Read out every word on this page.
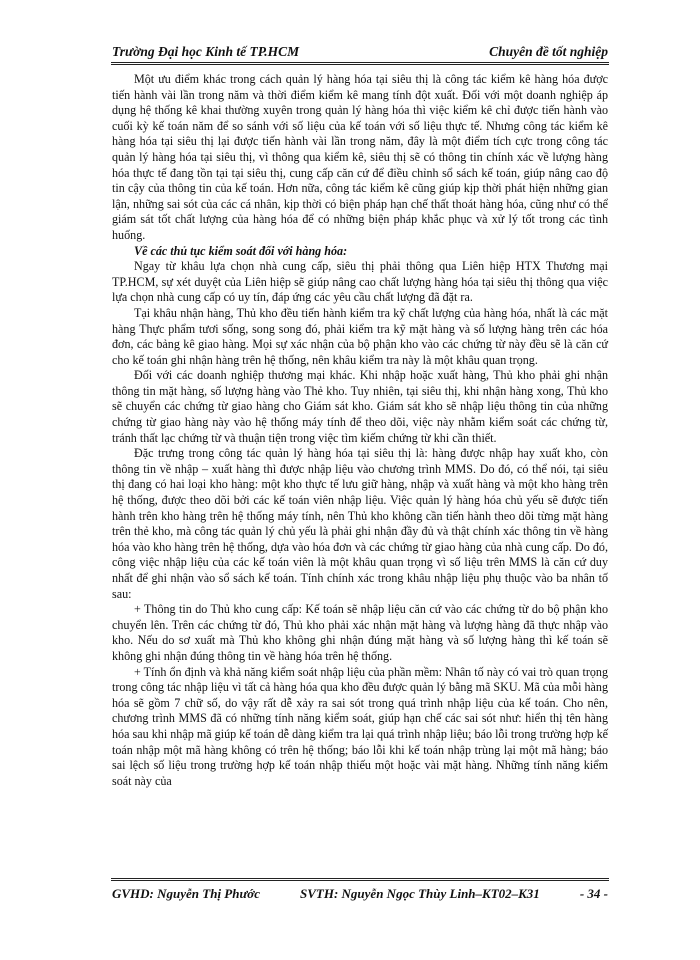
Trường Đại học Kinh tế TP.HCM	Chuyên đề tốt nghiệp

Một ưu điểm khác trong cách quản lý hàng hóa tại siêu thị là công tác kiểm kê hàng hóa được tiến hành vài lần trong năm và thời điểm kiểm kê mang tính đột xuất. Đối với một doanh nghiệp áp dụng hệ thống kê khai thường xuyên trong quản lý hàng hóa thì việc kiểm kê chỉ được tiến hành vào cuối kỳ kế toán năm để so sánh với số liệu của kế toán với số liệu thực tế. Nhưng công tác kiểm kê hàng hóa tại siêu thị lại được tiến hành vài lần trong năm, đây là một điểm tích cực trong công tác quản lý hàng hóa tại siêu thị, vì thông qua kiểm kê, siêu thị sẽ có thông tin chính xác về lượng hàng hóa thực tế đang tồn tại tại siêu thị, cung cấp căn cứ để điều chỉnh sổ sách kế toán, giúp nâng cao độ tin cậy của thông tin của kế toán. Hơn nữa, công tác kiểm kê cũng giúp kịp thời phát hiện những gian lận, những sai sót của các cá nhân, kịp thời có biện pháp hạn chế thất thoát hàng hóa, cũng như có thể giám sát tốt chất lượng của hàng hóa để có những biện pháp khắc phục và xử lý tốt trong các tình huống.

Về các thủ tục kiểm soát đối với hàng hóa:

Ngay từ khâu lựa chọn nhà cung cấp, siêu thị phải thông qua Liên hiệp HTX Thương mại TP.HCM, sự xét duyệt của Liên hiệp sẽ giúp nâng cao chất lượng hàng hóa tại siêu thị thông qua việc lựa chọn nhà cung cấp có uy tín, đáp ứng các yêu cầu chất lượng đã đặt ra.

Tại khâu nhận hàng, Thủ kho đều tiến hành kiểm tra kỹ chất lượng của hàng hóa, nhất là các mặt hàng Thực phẩm tươi sống, song song đó, phải kiểm tra kỹ mặt hàng và số lượng hàng trên các hóa đơn, các bảng kê giao hàng. Mọi sự xác nhận của bộ phận kho vào các chứng từ này đều sẽ là căn cứ cho kế toán ghi nhận hàng trên hệ thống, nên khâu kiểm tra này là một khâu quan trọng.

Đối với các doanh nghiệp thương mại khác. Khi nhập hoặc xuất hàng, Thủ kho phải ghi nhận thông tin mặt hàng, số lượng hàng vào Thẻ kho. Tuy nhiên, tại siêu thị, khi nhận hàng xong, Thủ kho sẽ chuyển các chứng từ giao hàng cho Giám sát kho. Giám sát kho sẽ nhập liệu thông tin của những chứng từ giao hàng này vào hệ thống máy tính để theo dõi, việc này nhằm kiểm soát các chứng từ, tránh thất lạc chứng từ và thuận tiện trong việc tìm kiếm chứng từ khi cần thiết.

Đặc trưng trong công tác quản lý hàng hóa tại siêu thị là: hàng được nhập hay xuất kho, còn thông tin về nhập – xuất hàng thì được nhập liệu vào chương trình MMS. Do đó, có thể nói, tại siêu thị đang có hai loại kho hàng: một kho thực tế lưu giữ hàng, nhập và xuất hàng và một kho hàng trên hệ thống, được theo dõi bởi các kế toán viên nhập liệu. Việc quản lý hàng hóa chủ yếu sẽ được tiến hành trên kho hàng trên hệ thống máy tính, nên Thủ kho không cần tiến hành theo dõi từng mặt hàng trên thẻ kho, mà công tác quản lý chủ yếu là phải ghi nhận đầy đủ và thật chính xác thông tin về hàng hóa vào kho hàng trên hệ thống, dựa vào hóa đơn và các chứng từ giao hàng của nhà cung cấp. Do đó, công việc nhập liệu của các kế toán viên là một khâu quan trọng vì số liệu trên MMS là căn cứ duy nhất để ghi nhận vào sổ sách kế toán. Tính chính xác trong khâu nhập liệu phụ thuộc vào ba nhân tố sau:

+ Thông tin do Thủ kho cung cấp: Kế toán sẽ nhập liệu căn cứ vào các chứng từ do bộ phận kho chuyển lên. Trên các chứng từ đó, Thủ kho phải xác nhận mặt hàng và lượng hàng đã thực nhập vào kho. Nếu do sơ xuất mà Thủ kho không ghi nhận đúng mặt hàng và số lượng hàng thì kế toán sẽ không ghi nhận đúng thông tin về hàng hóa trên hệ thống.

+ Tính ổn định và khả năng kiểm soát nhập liệu của phần mềm: Nhân tố này có vai trò quan trọng trong công tác nhập liệu vì tất cả hàng hóa qua kho đều được quản lý bằng mã SKU. Mã của mỗi hàng hóa sẽ gồm 7 chữ số, do vậy rất dễ xảy ra sai sót trong quá trình nhập liệu của kế toán. Cho nên, chương trình MMS đã có những tính năng kiểm soát, giúp hạn chế các sai sót như: hiển thị tên hàng hóa sau khi nhập mã giúp kế toán dễ dàng kiểm tra lại quá trình nhập liệu; báo lỗi trong trường hợp kế toán nhập một mã hàng không có trên hệ thống; báo lỗi khi kế toán nhập trùng lại một mã hàng; báo sai lệch số liệu trong trường hợp kế toán nhập thiếu một hoặc vài mặt hàng. Những tính năng kiểm soát này của

GVHD: Nguyễn Thị Phước	SVTH: Nguyễn Ngọc Thùy Linh–KT02–K31	- 34 -
